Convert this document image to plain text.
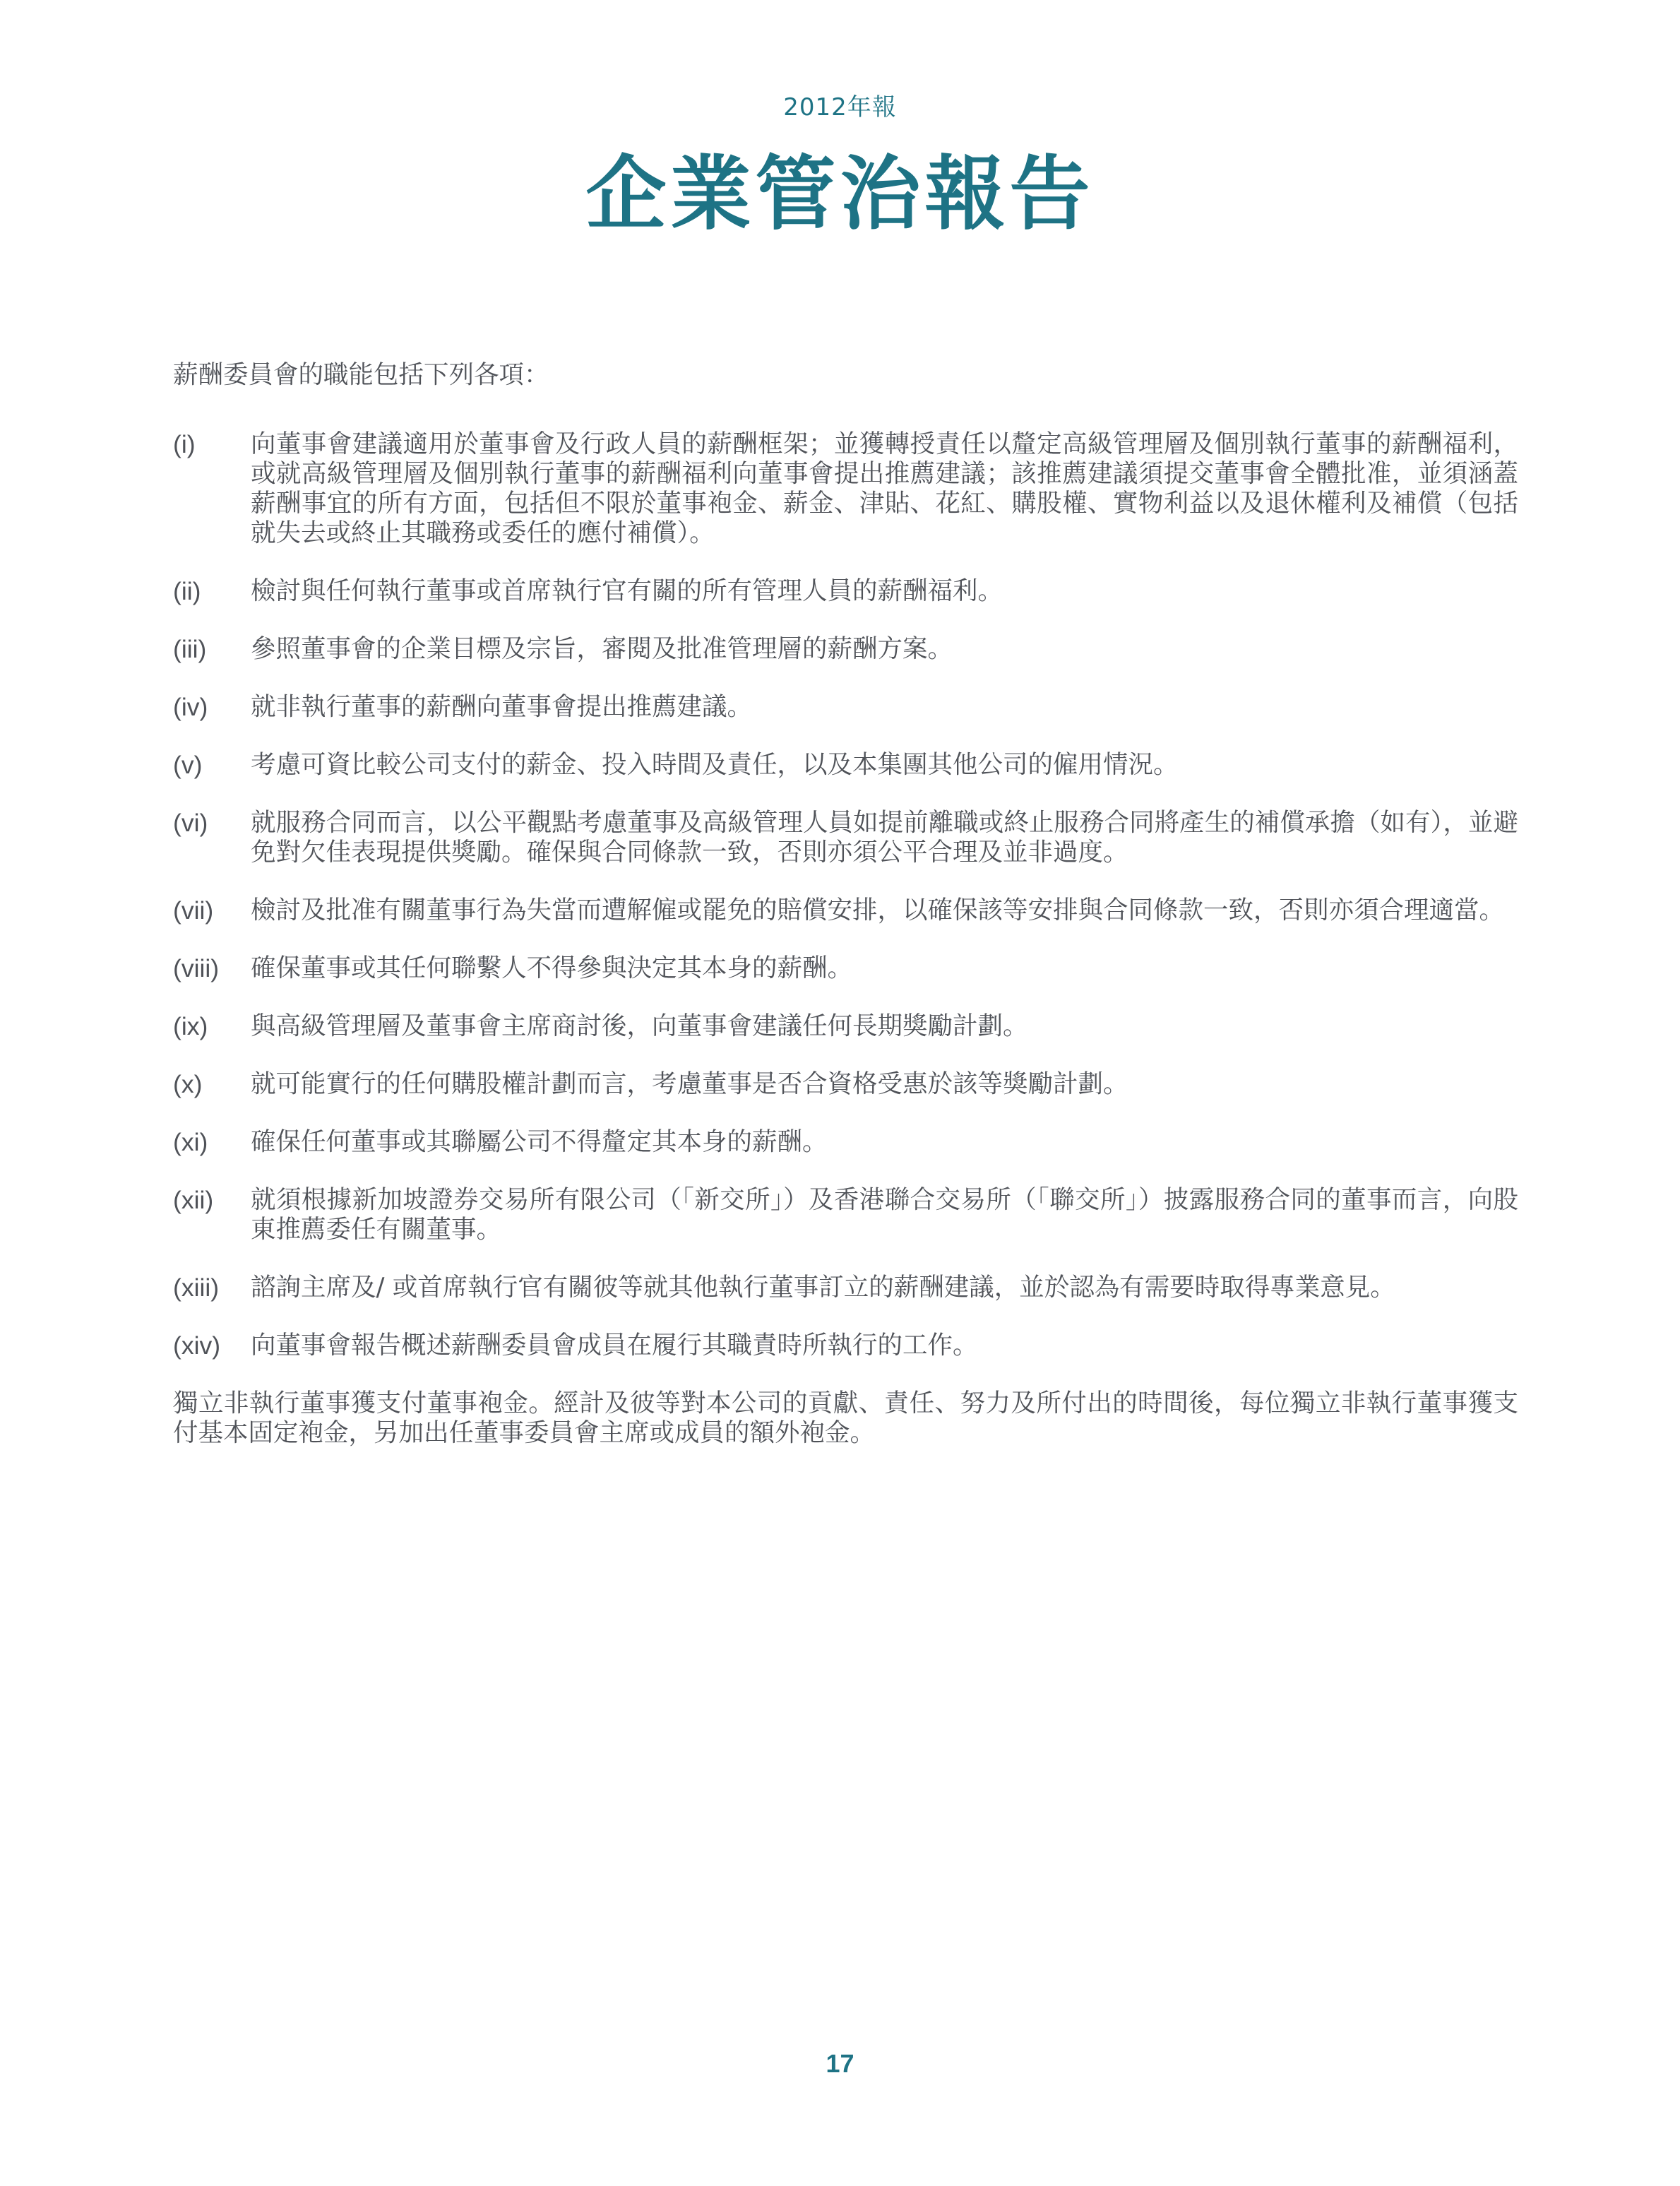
2012年報
企業管治報告

薪酬委員會的職能包括下列各項：

(i)	向董事會建議適用於董事會及行政人員的薪酬框架；並獲轉授責任以釐定高級管理層及個別執行董事的薪酬福利，或就高級管理層及個別執行董事的薪酬福利向董事會提出推薦建議；該推薦建議須提交董事會全體批准，並須涵蓋薪酬事宜的所有方面，包括但不限於董事袍金、薪金、津貼、花紅、購股權、實物利益以及退休權利及補償（包括就失去或終止其職務或委任的應付補償）。
(ii)	檢討與任何執行董事或首席執行官有關的所有管理人員的薪酬福利。
(iii)	參照董事會的企業目標及宗旨，審閱及批准管理層的薪酬方案。
(iv)	就非執行董事的薪酬向董事會提出推薦建議。
(v)	考慮可資比較公司支付的薪金、投入時間及責任，以及本集團其他公司的僱用情況。
(vi)	就服務合同而言，以公平觀點考慮董事及高級管理人員如提前離職或終止服務合同將產生的補償承擔（如有），並避免對欠佳表現提供獎勵。確保與合同條款一致，否則亦須公平合理及並非過度。
(vii)	檢討及批准有關董事行為失當而遭解僱或罷免的賠償安排，以確保該等安排與合同條款一致，否則亦須合理適當。
(viii)	確保董事或其任何聯繫人不得參與決定其本身的薪酬。
(ix)	與高級管理層及董事會主席商討後，向董事會建議任何長期獎勵計劃。
(x)	就可能實行的任何購股權計劃而言，考慮董事是否合資格受惠於該等獎勵計劃。
(xi)	確保任何董事或其聯屬公司不得釐定其本身的薪酬。
(xii)	就須根據新加坡證券交易所有限公司（「新交所」）及香港聯合交易所（「聯交所」）披露服務合同的董事而言，向股東推薦委任有關董事。
(xiii)	諮詢主席及/ 或首席執行官有關彼等就其他執行董事訂立的薪酬建議，並於認為有需要時取得專業意見。
(xiv)	向董事會報告概述薪酬委員會成員在履行其職責時所執行的工作。

獨立非執行董事獲支付董事袍金。經計及彼等對本公司的貢獻、責任、努力及所付出的時間後，每位獨立非執行董事獲支付基本固定袍金，另加出任董事委員會主席或成員的額外袍金。

17
